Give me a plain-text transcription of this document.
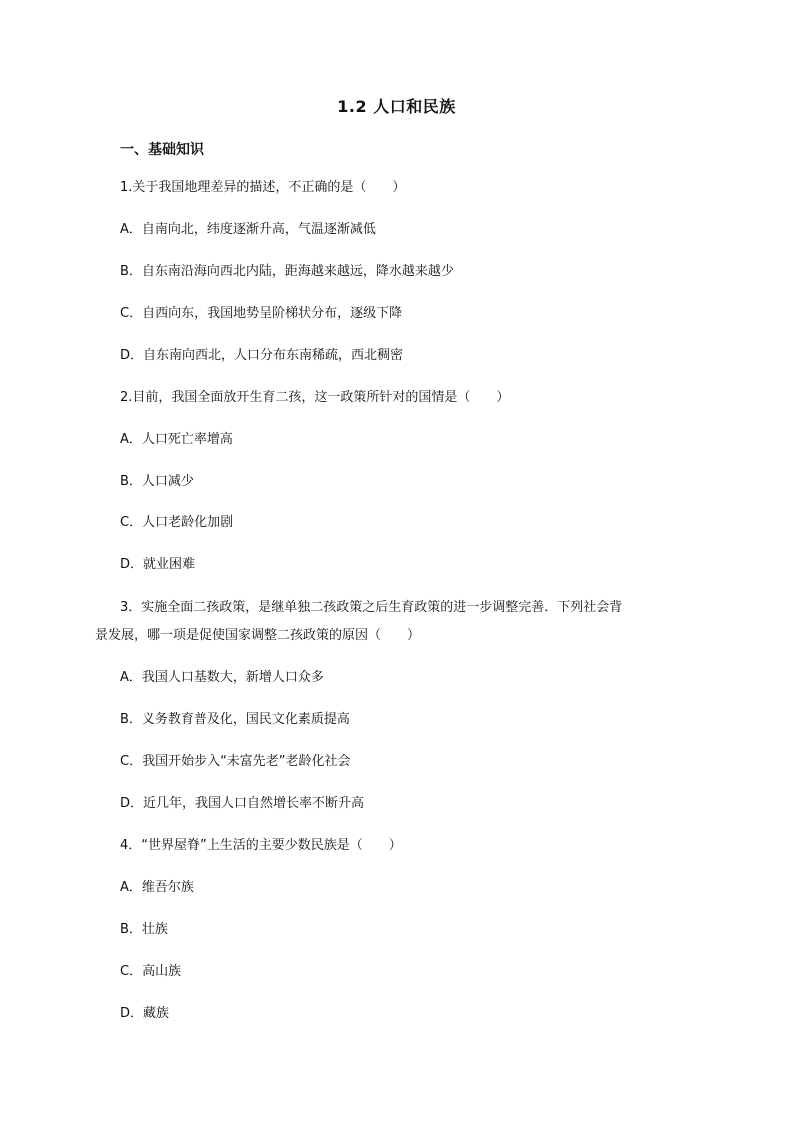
1.2 人口和民族
一、基础知识
1.关于我国地理差异的描述，不正确的是（　　）
A．自南向北，纬度逐渐升高，气温逐渐减低
B．自东南沿海向西北内陆，距海越来越远，降水越来越少
C．自西向东，我国地势呈阶梯状分布，逐级下降
D．自东南向西北，人口分布东南稀疏，西北稠密
2.目前，我国全面放开生育二孩，这一政策所针对的国情是（　　）
A．人口死亡率增高
B．人口减少
C．人口老龄化加剧
D．就业困难
3．实施全面二孩政策，是继单独二孩政策之后生育政策的进一步调整完善．下列社会背
景发展，哪一项是促使国家调整二孩政策的原因（　　）
A．我国人口基数大，新增人口众多
B．义务教育普及化，国民文化素质提高
C．我国开始步入“未富先老”老龄化社会
D．近几年，我国人口自然增长率不断升高
4．“世界屋脊”上生活的主要少数民族是（　　）
A．维吾尔族
B．壮族
C．高山族
D．藏族
